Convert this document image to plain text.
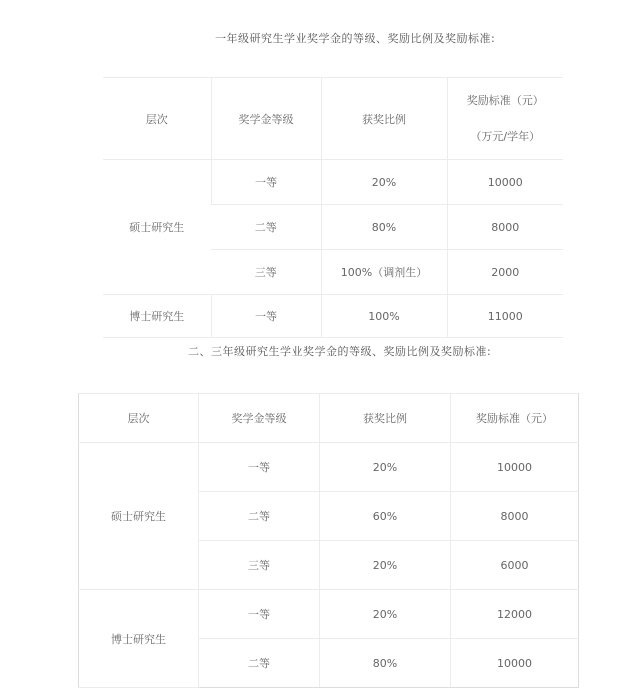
一年级研究生学业奖学金的等级、奖励比例及奖励标准:
层次	奖学金等级	获奖比例	奖励标准（元）
（万元/学年）

硕士研究生	一等	20%	10000
	二等	80%	8000
	三等	100%（调剂生）	2000
博士研究生	一等	100%	11000
二、三年级研究生学业奖学金的等级、奖励比例及奖励标准:
层次	奖学金等级	获奖比例	奖励标准（元）
硕士研究生	一等	20%	10000
	二等	60%	8000
	三等	20%	6000
博士研究生	一等	20%	12000
	二等	80%	10000
